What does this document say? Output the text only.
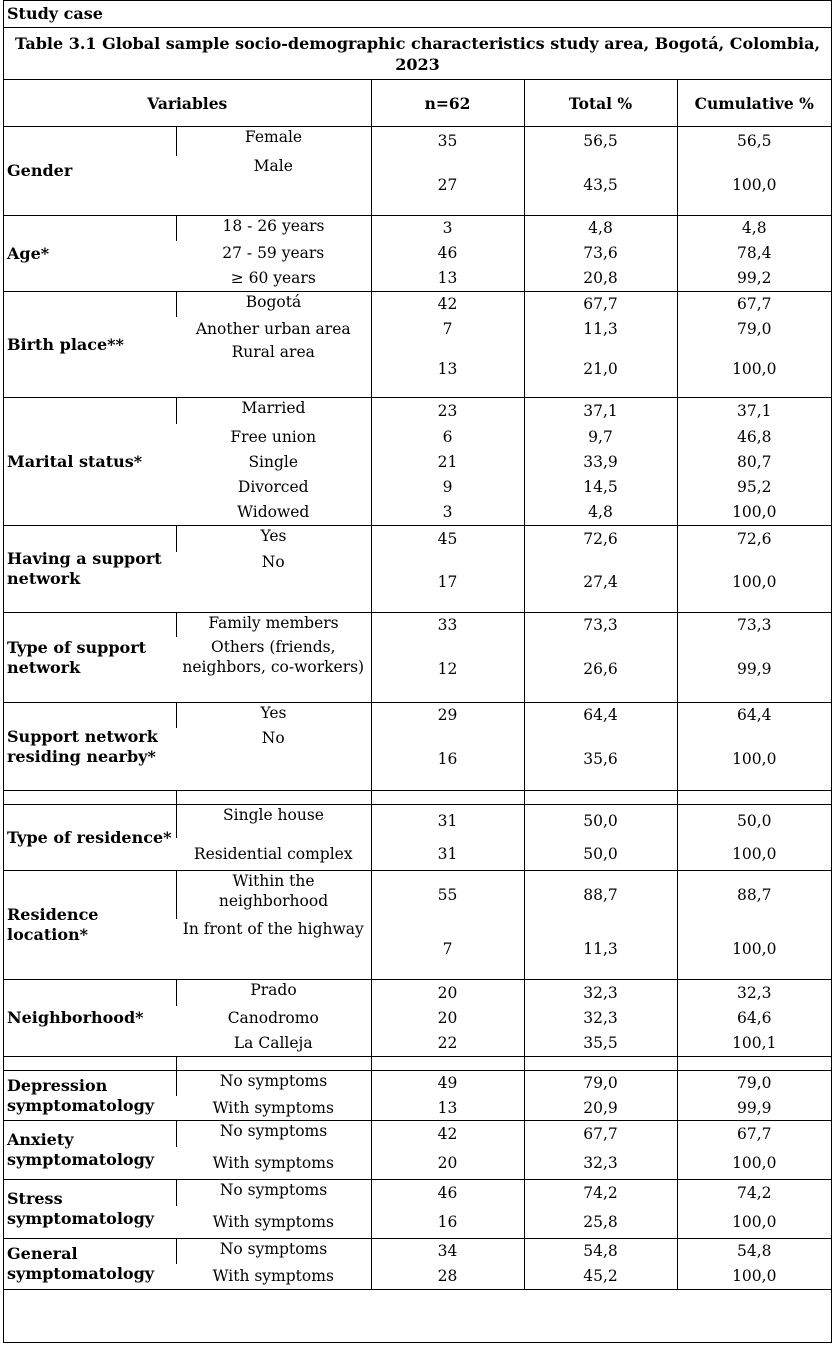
Study case
Table 3.1 Global sample socio-demographic characteristics study area, Bogotá, Colombia, 2023
Variables		n=62	Total %	Cumulative %
Gender	Female	35	56,5	56,5
	Male	27	43,5	100,0
Age*	18 - 26 years	3	4,8	4,8
	27 - 59 years	46	73,6	78,4
	≥ 60 years	13	20,8	99,2
Birth place**	Bogotá	42	67,7	67,7
	Another urban area	7	11,3	79,0
	Rural area	13	21,0	100,0
Marital status*	Married	23	37,1	37,1
	Free union	6	9,7	46,8
	Single	21	33,9	80,7
	Divorced	9	14,5	95,2
	Widowed	3	4,8	100,0
Having a support network	Yes	45	72,6	72,6
	No	17	27,4	100,0
Type of support network	Family members	33	73,3	73,3
	Others (friends, neighbors, co-workers)	12	26,6	99,9
Support network residing nearby*	Yes	29	64,4	64,4
	No	16	35,6	100,0

Type of residence*	Single house	31	50,0	50,0
	Residential complex	31	50,0	100,0
Residence location*	Within the neighborhood	55	88,7	88,7
	In front of the highway	7	11,3	100,0
Neighborhood*	Prado	20	32,3	32,3
	Canodromo	20	32,3	64,6
	La Calleja	22	35,5	100,1

Depression symptomatology	No symptoms	49	79,0	79,0
	With symptoms	13	20,9	99,9
Anxiety symptomatology	No symptoms	42	67,7	67,7
	With symptoms	20	32,3	100,0
Stress symptomatology	No symptoms	46	74,2	74,2
	With symptoms	16	25,8	100,0
General symptomatology	No symptoms	34	54,8	54,8
	With symptoms	28	45,2	100,0
